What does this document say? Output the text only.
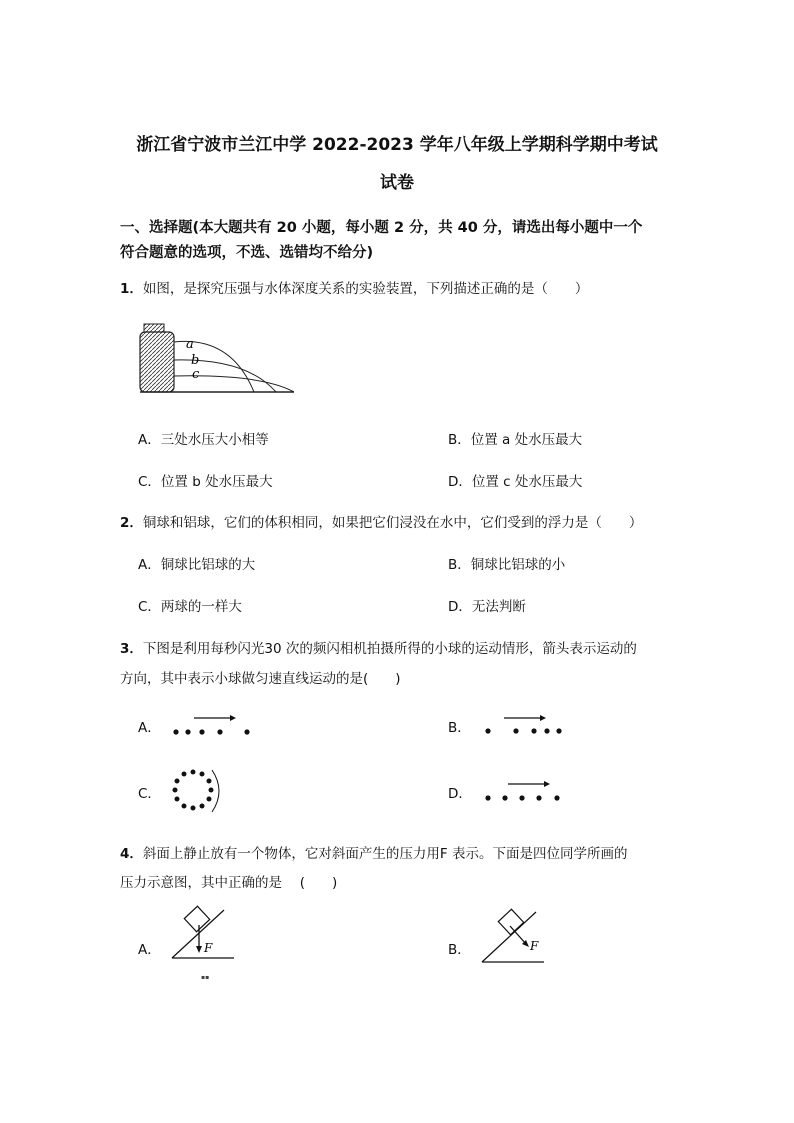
浙江省宁波市兰江中学 2022-2023 学年八年级上学期科学期中考试
试卷
一、选择题(本大题共有 20 小题，每小题 2 分，共 40 分，请选出每小题中一个
符合题意的选项，不选、选错均不给分)
1．如图，是探究压强与水体深度关系的实验装置，下列描述正确的是（　　）
a
b
c
A．三处水压大小相等	B．位置 a 处水压最大
C．位置 b 处水压最大	D．位置 c 处水压最大
2．铜球和铝球，它们的体积相同，如果把它们浸没在水中，它们受到的浮力是（　　）
A．铜球比铝球的大	B．铜球比铝球的小
C．两球的一样大	D．无法判断
3．下图是利用每秒闪光30 次的频闪相机拍摄所得的小球的运动情形，箭头表示运动的
方向，其中表示小球做匀速直线运动的是(　　)
A．	B．
C．	D．
4．斜面上静止放有一个物体，它对斜面产生的压力用F 表示。下面是四位同学所画的
压力示意图，其中正确的是　 (　　)
A．	F
▪▪
B．	F
